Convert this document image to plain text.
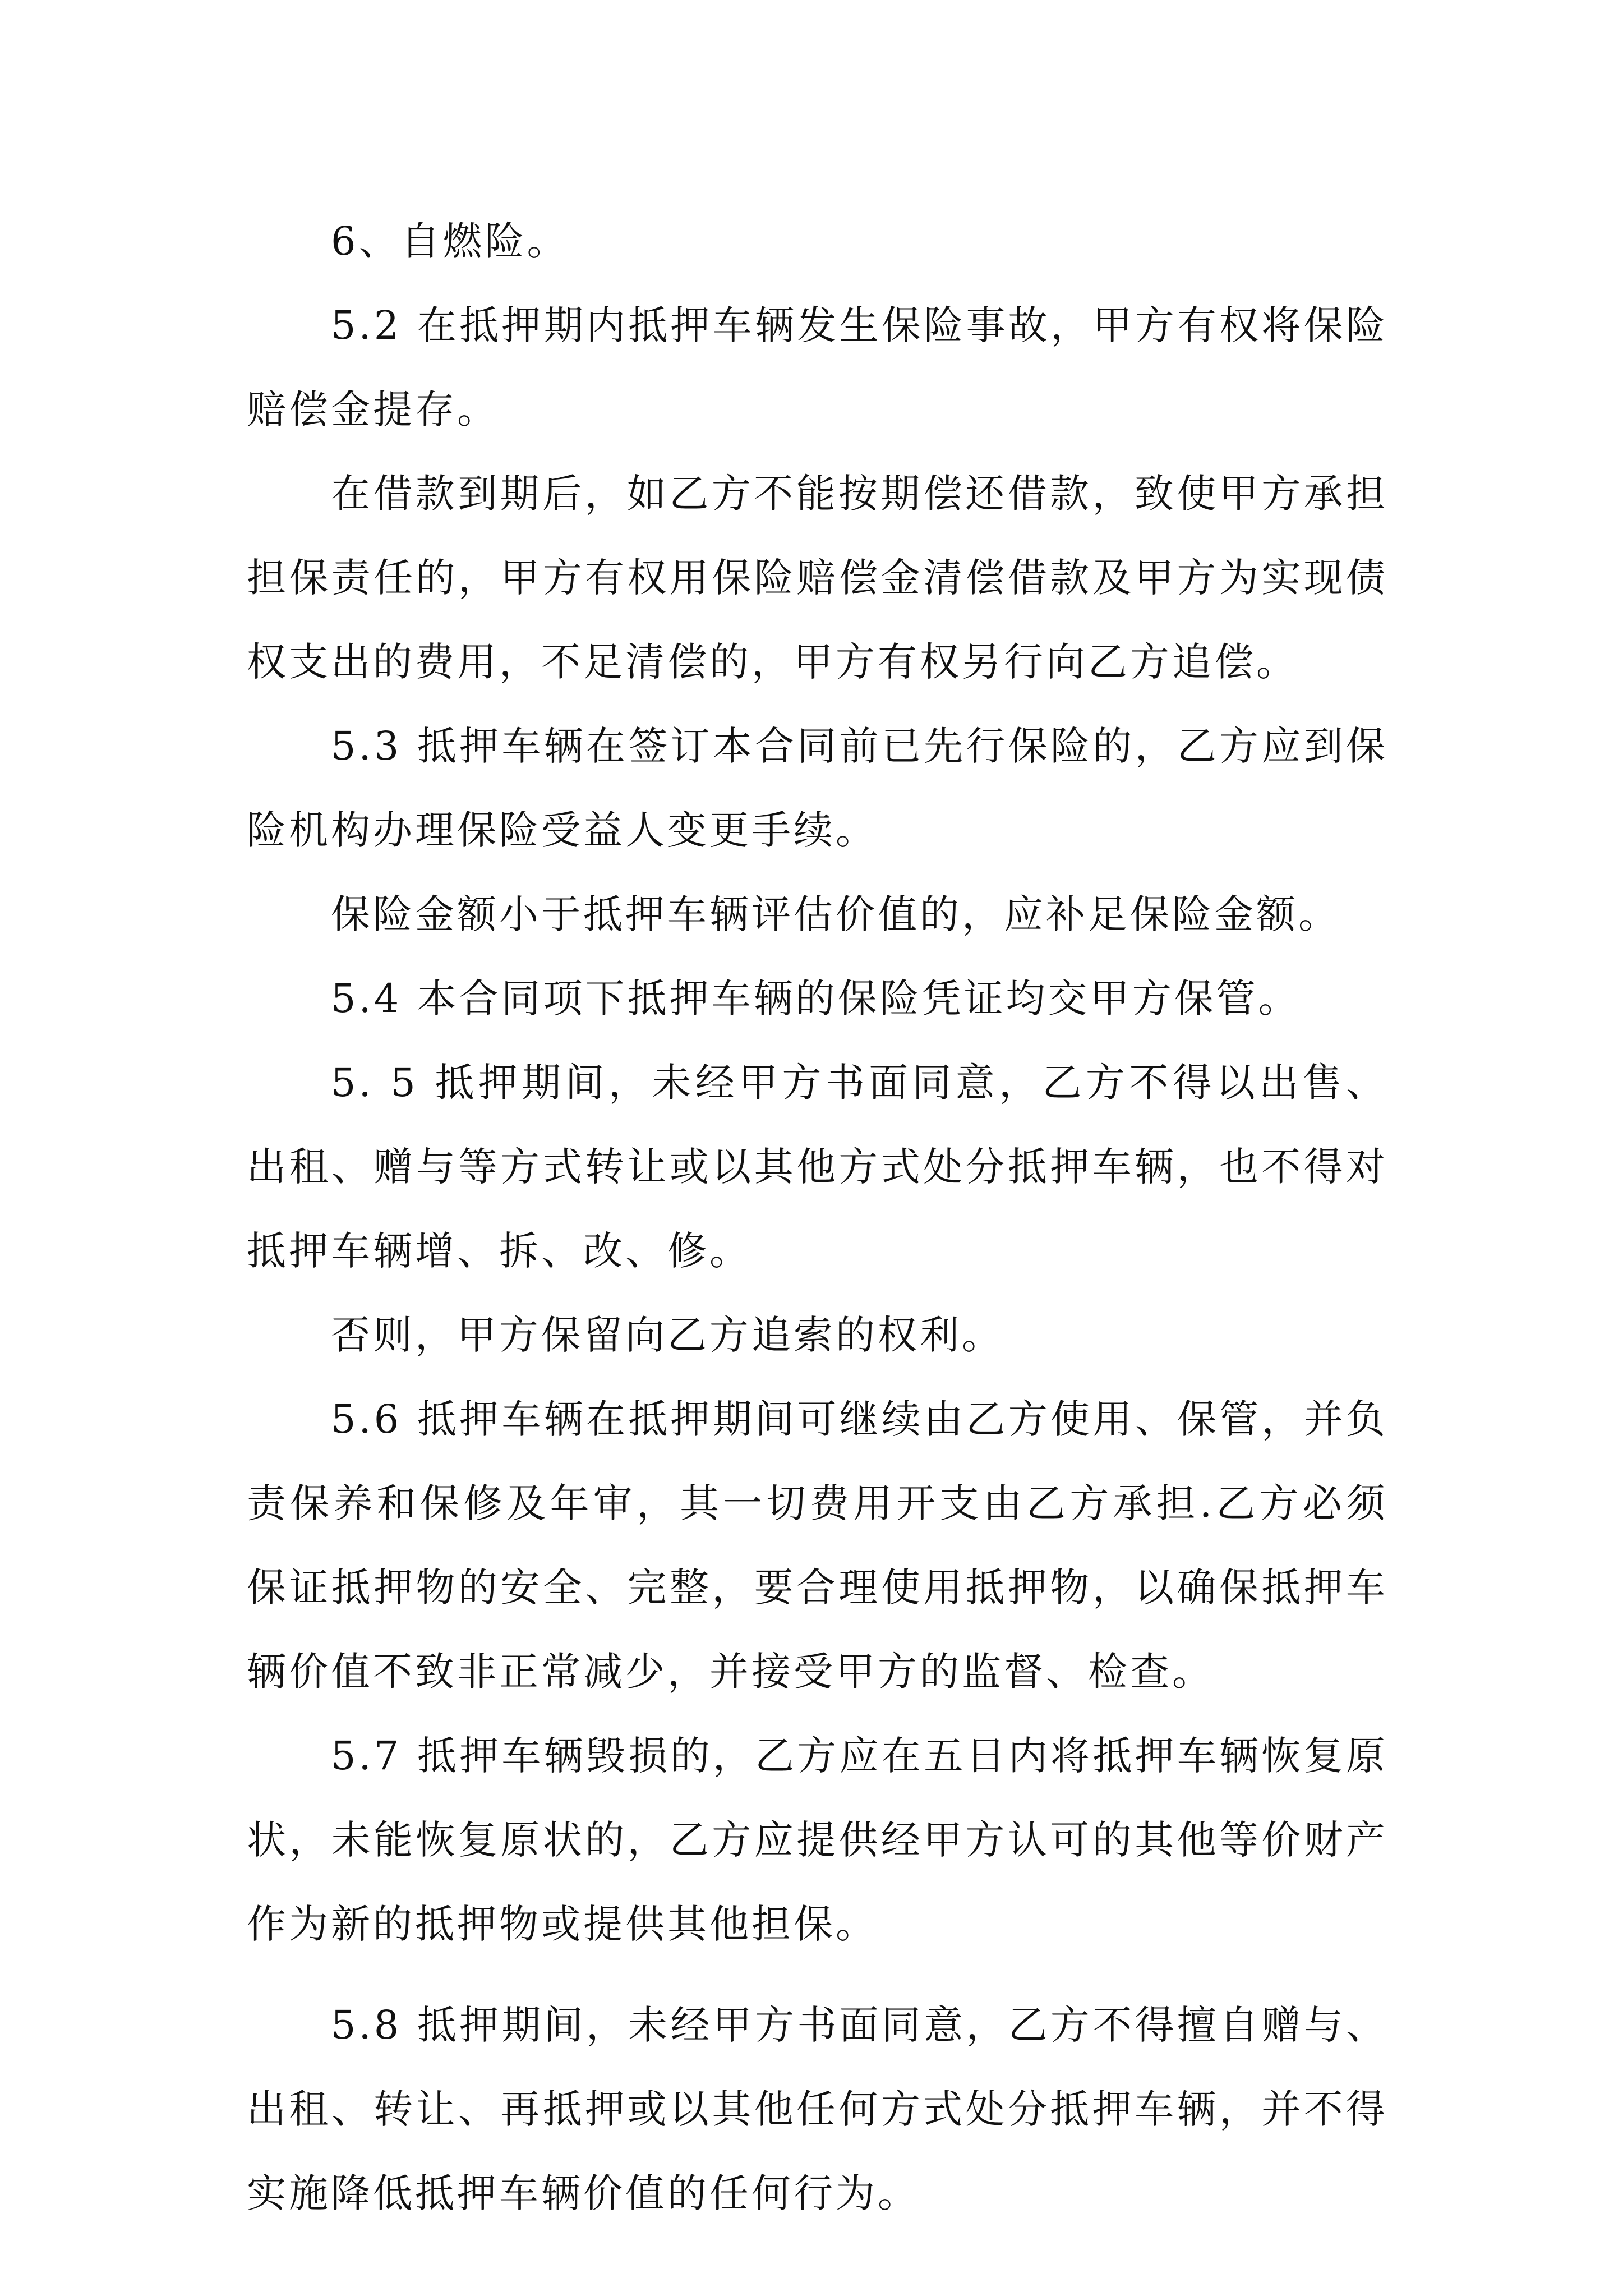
6、自燃险。

5.2 在抵押期内抵押车辆发生保险事故，甲方有权将保险赔偿金提存。

在借款到期后，如乙方不能按期偿还借款，致使甲方承担担保责任的，甲方有权用保险赔偿金清偿借款及甲方为实现债权支出的费用，不足清偿的，甲方有权另行向乙方追偿。

5.3 抵押车辆在签订本合同前已先行保险的，乙方应到保险机构办理保险受益人变更手续。

保险金额小于抵押车辆评估价值的，应补足保险金额。

5.4 本合同项下抵押车辆的保险凭证均交甲方保管。

5. 5 抵押期间，未经甲方书面同意，乙方不得以出售、出租、赠与等方式转让或以其他方式处分抵押车辆，也不得对抵押车辆增、拆、改、修。

否则，甲方保留向乙方追索的权利。

5.6 抵押车辆在抵押期间可继续由乙方使用、保管，并负责保养和保修及年审，其一切费用开支由乙方承担.乙方必须保证抵押物的安全、完整，要合理使用抵押物，以确保抵押车辆价值不致非正常减少，并接受甲方的监督、检查。

5.7 抵押车辆毁损的，乙方应在五日内将抵押车辆恢复原状，未能恢复原状的，乙方应提供经甲方认可的其他等价财产作为新的抵押物或提供其他担保。

5.8 抵押期间，未经甲方书面同意，乙方不得擅自赠与、出租、转让、再抵押或以其他任何方式处分抵押车辆，并不得实施降低抵押车辆价值的任何行为。
